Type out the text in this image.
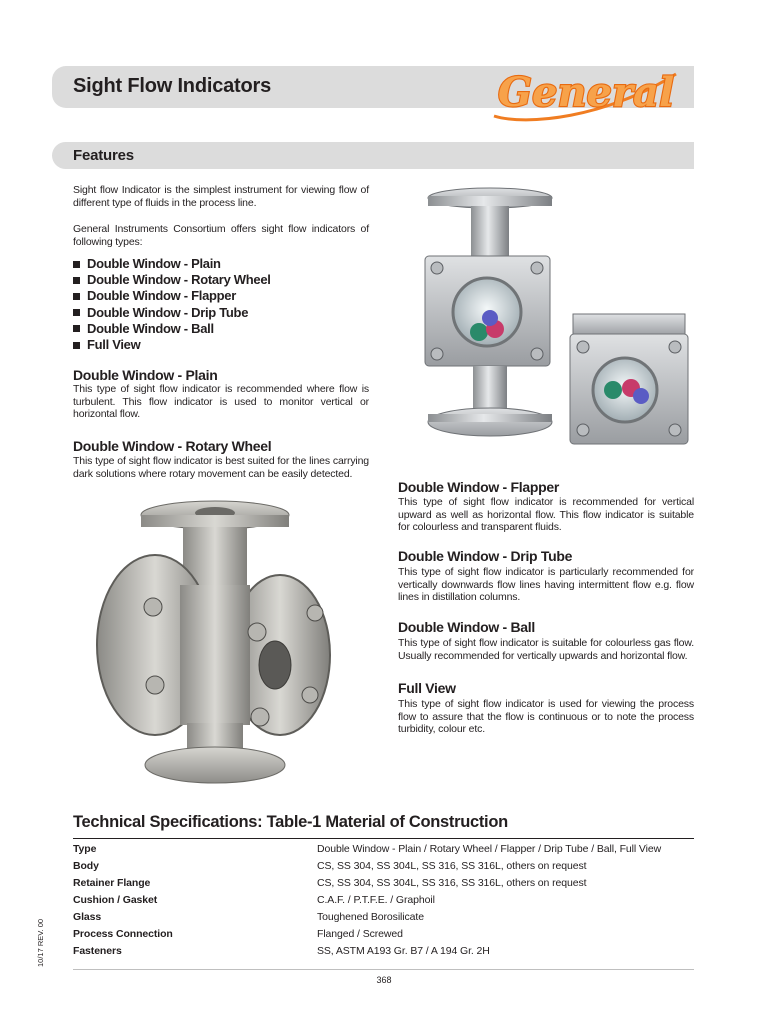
Sight Flow Indicators	General
Features
Sight flow Indicator is the simplest instrument for viewing flow of different type of fluids in the process line.
General Instruments Consortium offers sight flow indicators of following types:
Double Window - Plain
Double Window - Rotary Wheel
Double Window - Flapper
Double Window - Drip Tube
Double Window - Ball
Full View
Double Window - Plain
This type of sight flow indicator is recommended where flow is turbulent. This flow indicator is used to monitor vertical or horizontal flow.
Double Window - Rotary Wheel
This type of sight flow indicator is best suited for the lines carrying dark solutions where rotary movement can be easily detected.
Double Window - Flapper
This type of sight flow indicator is recommended for vertical upward as well as horizontal flow. This flow indicator is suitable for colourless and transparent fluids.
Double Window - Drip Tube
This type of sight flow indicator is particularly recommended for vertically downwards flow lines having intermittent flow e.g. flow lines in distillation columns.
Double Window - Ball
This type of sight flow indicator is suitable for colourless gas flow. Usually recommended for vertically upwards and horizontal flow.
Full View
This type of sight flow indicator is used for viewing the process flow to assure that the flow is continuous or to note the process turbidity, colour etc.
Technical Specifications: Table-1 Material of Construction
Type	Double Window - Plain / Rotary Wheel / Flapper / Drip Tube / Ball, Full View
Body	CS, SS 304, SS 304L, SS 316, SS 316L, others on request
Retainer Flange	CS, SS 304, SS 304L, SS 316, SS 316L, others on request
Cushion / Gasket	C.A.F. / P.T.F.E. / Graphoil
Glass	Toughened Borosilicate
Process Connection	Flanged / Screwed
Fasteners	SS, ASTM A193 Gr. B7 / A 194 Gr. 2H
368
10/17 REV. 00
